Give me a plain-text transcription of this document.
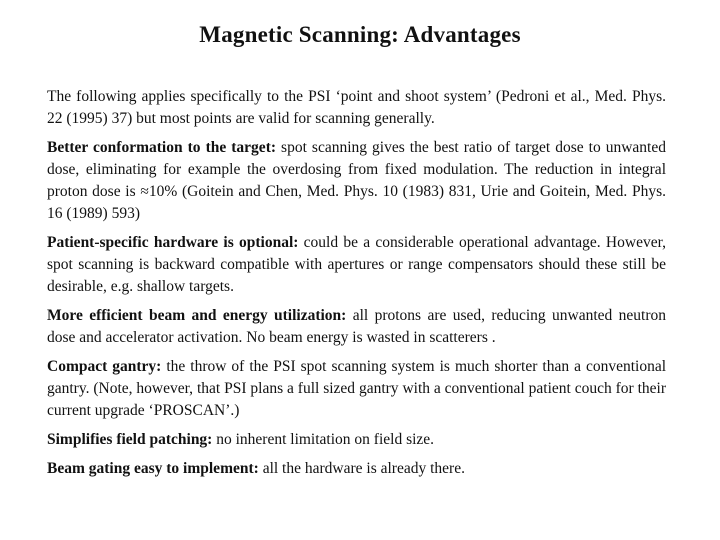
Magnetic Scanning: Advantages

The following applies specifically to the PSI ‘point and shoot system’ (Pedroni et al., Med. Phys. 22 (1995) 37) but most points are valid for scanning generally.

Better conformation to the target: spot scanning gives the best ratio of target dose to unwanted dose, eliminating for example the overdosing from fixed modulation. The reduction in integral proton dose is ≈10% (Goitein and Chen, Med. Phys. 10 (1983) 831, Urie and Goitein, Med. Phys. 16 (1989) 593)

Patient-specific hardware is optional: could be a considerable operational advantage. However, spot scanning is backward compatible with apertures or range compensators should these still be desirable, e.g. shallow targets.

More efficient beam and energy utilization: all protons are used, reducing unwanted neutron dose and accelerator activation. No beam energy is wasted in scatterers .

Compact gantry: the throw of the PSI spot scanning system is much shorter than a conventional gantry. (Note, however, that PSI plans a full sized gantry with a conventional patient couch for their current upgrade ‘PROSCAN’.)

Simplifies field patching: no inherent limitation on field size.

Beam gating easy to implement: all the hardware is already there.
